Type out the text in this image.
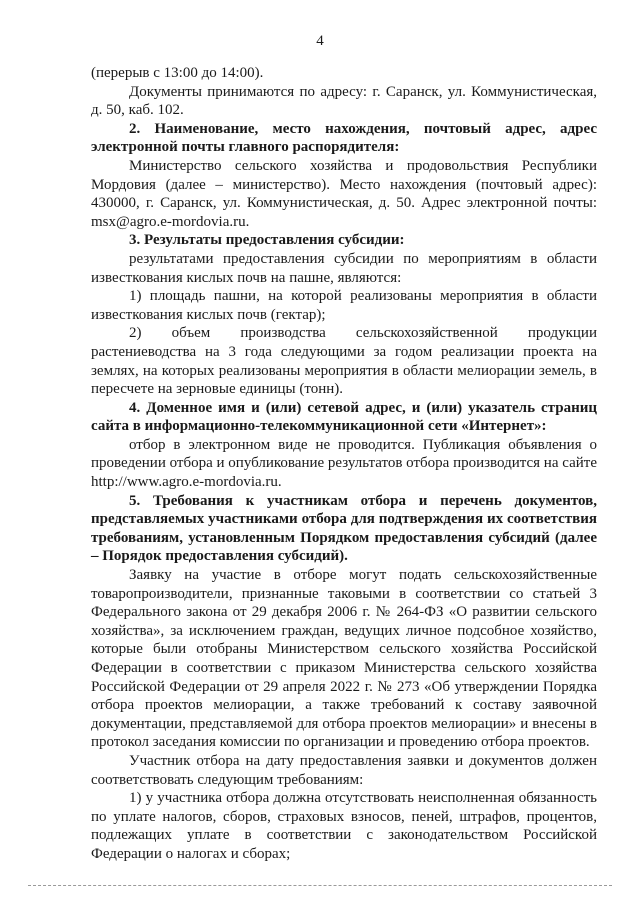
4

(перерыв с 13:00 до 14:00).

Документы принимаются по адресу: г. Саранск, ул. Коммунистическая, д. 50, каб. 102.

2. Наименование, место нахождения, почтовый адрес, адрес электронной почты главного распорядителя:

Министерство сельского хозяйства и продовольствия Республики Мордовия (далее – министерство). Место нахождения (почтовый адрес): 430000, г. Саранск, ул. Коммунистическая, д. 50. Адрес электронной почты: msx@agro.e-mordovia.ru.

3. Результаты предоставления субсидии:

результатами предоставления субсидии по мероприятиям в области известкования кислых почв на пашне, являются:

1) площадь пашни, на которой реализованы мероприятия в области известкования кислых почв (гектар);

2) объем производства сельскохозяйственной продукции растениеводства на 3 года следующими за годом реализации проекта на землях, на которых реализованы мероприятия в области мелиорации земель, в пересчете на зерновые единицы (тонн).

4. Доменное имя и (или) сетевой адрес, и (или) указатель страниц сайта в информационно-телекоммуникационной сети «Интернет»:

отбор в электронном виде не проводится. Публикация объявления о проведении отбора и опубликование результатов отбора производится на сайте http://www.agro.e-mordovia.ru.

5. Требования к участникам отбора и перечень документов, представляемых участниками отбора для подтверждения их соответствия требованиям, установленным Порядком предоставления субсидий (далее – Порядок предоставления субсидий).

Заявку на участие в отборе могут подать сельскохозяйственные товаропроизводители, признанные таковыми в соответствии со статьей 3 Федерального закона от 29 декабря 2006 г. № 264-ФЗ «О развитии сельского хозяйства», за исключением граждан, ведущих личное подсобное хозяйство, которые были отобраны Министерством сельского хозяйства Российской Федерации в соответствии с приказом Министерства сельского хозяйства Российской Федерации от 29 апреля 2022 г. № 273 «Об утверждении Порядка отбора проектов мелиорации, а также требований к составу заявочной документации, представляемой для отбора проектов мелиорации» и внесены в протокол заседания комиссии по организации и проведению отбора проектов.

Участник отбора на дату предоставления заявки и документов должен соответствовать следующим требованиям:

1) у участника отбора должна отсутствовать неисполненная обязанность по уплате налогов, сборов, страховых взносов, пеней, штрафов, процентов, подлежащих уплате в соответствии с законодательством Российской Федерации о налогах и сборах;
